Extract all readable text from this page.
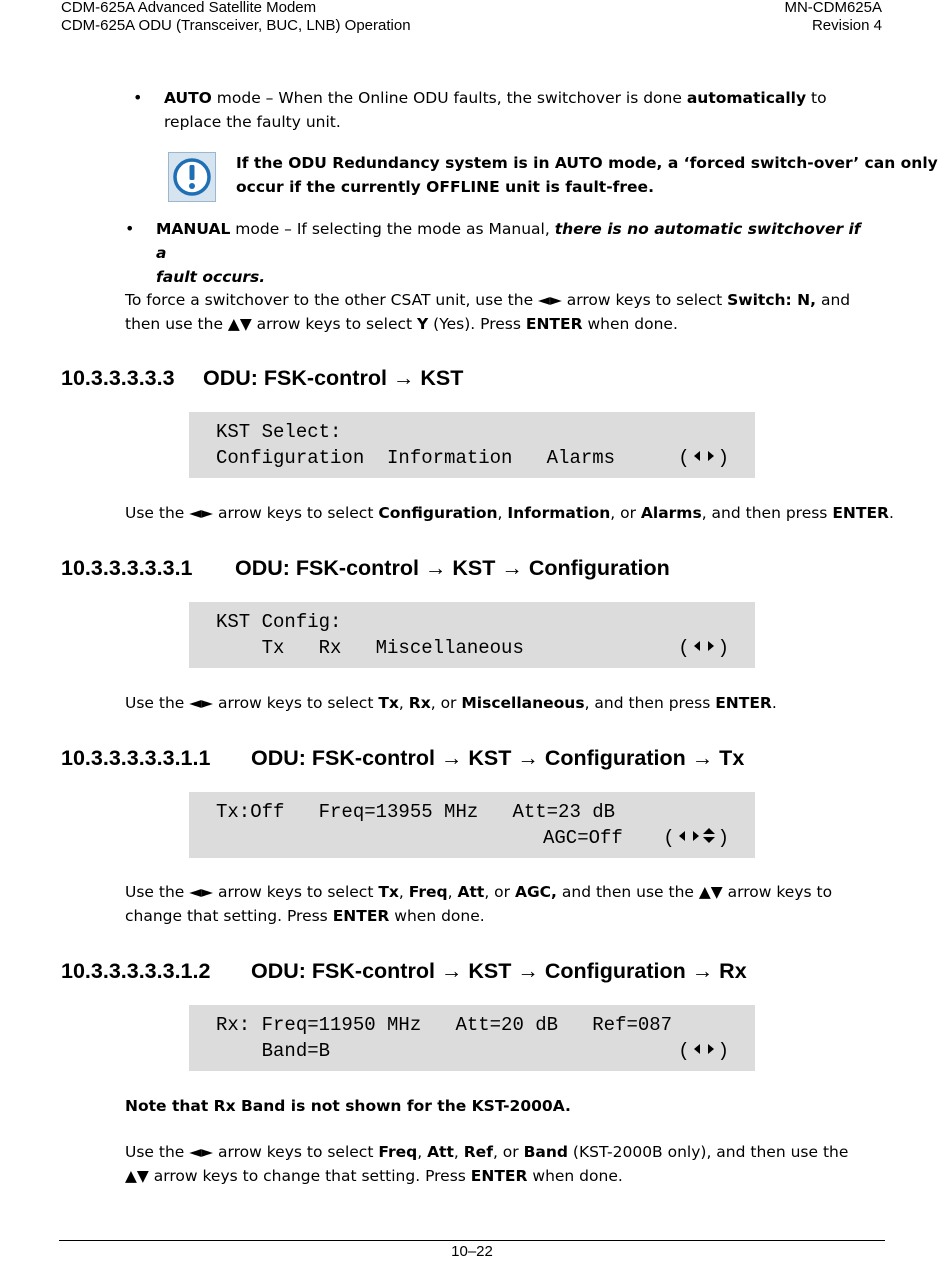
CDM-625A Advanced Satellite Modem
CDM-625A ODU (Transceiver, BUC, LNB) Operation
MN-CDM625A
Revision 4
• AUTO mode – When the Online ODU faults, the switchover is done automatically to
replace the faulty unit.
If the ODU Redundancy system is in AUTO mode, a ‘forced switch-over’ can only
occur if the currently OFFLINE unit is fault-free.
• MANUAL mode – If selecting the mode as Manual, there is no automatic switchover if a
fault occurs.
To force a switchover to the other CSAT unit, use the ◄► arrow keys to select Switch: N, and
then use the ▲▼ arrow keys to select Y (Yes). Press ENTER when done.
10.3.3.3.3.3 ODU: FSK-control → KST

KST Select:

Configuration  Information   Alarms

	( )

Use the ◄► arrow keys to select Configuration, Information, or Alarms, and then press ENTER.
10.3.3.3.3.3.1 ODU: FSK-control → KST → Configuration

KST Config:

Tx   Rx   Miscellaneous

	( )

Use the ◄► arrow keys to select Tx, Rx, or Miscellaneous, and then press ENTER.
10.3.3.3.3.3.1.1 ODU: FSK-control → KST → Configuration → Tx

Tx:Off   Freq=13955 MHz   Att=23 dB

AGC=Off

( )

Use the ◄► arrow keys to select Tx, Freq, Att, or AGC, and then use the ▲▼ arrow keys to
change that setting. Press ENTER when done.
10.3.3.3.3.3.1.2 ODU: FSK-control → KST → Configuration → Rx

Rx: Freq=11950 MHz   Att=20 dB   Ref=087

Band=B

	( )

Note that Rx Band is not shown for the KST-2000A.
Use the ◄► arrow keys to select Freq, Att, Ref, or Band (KST-2000B only), and then use the
▲▼ arrow keys to change that setting. Press ENTER when done.
10–22
